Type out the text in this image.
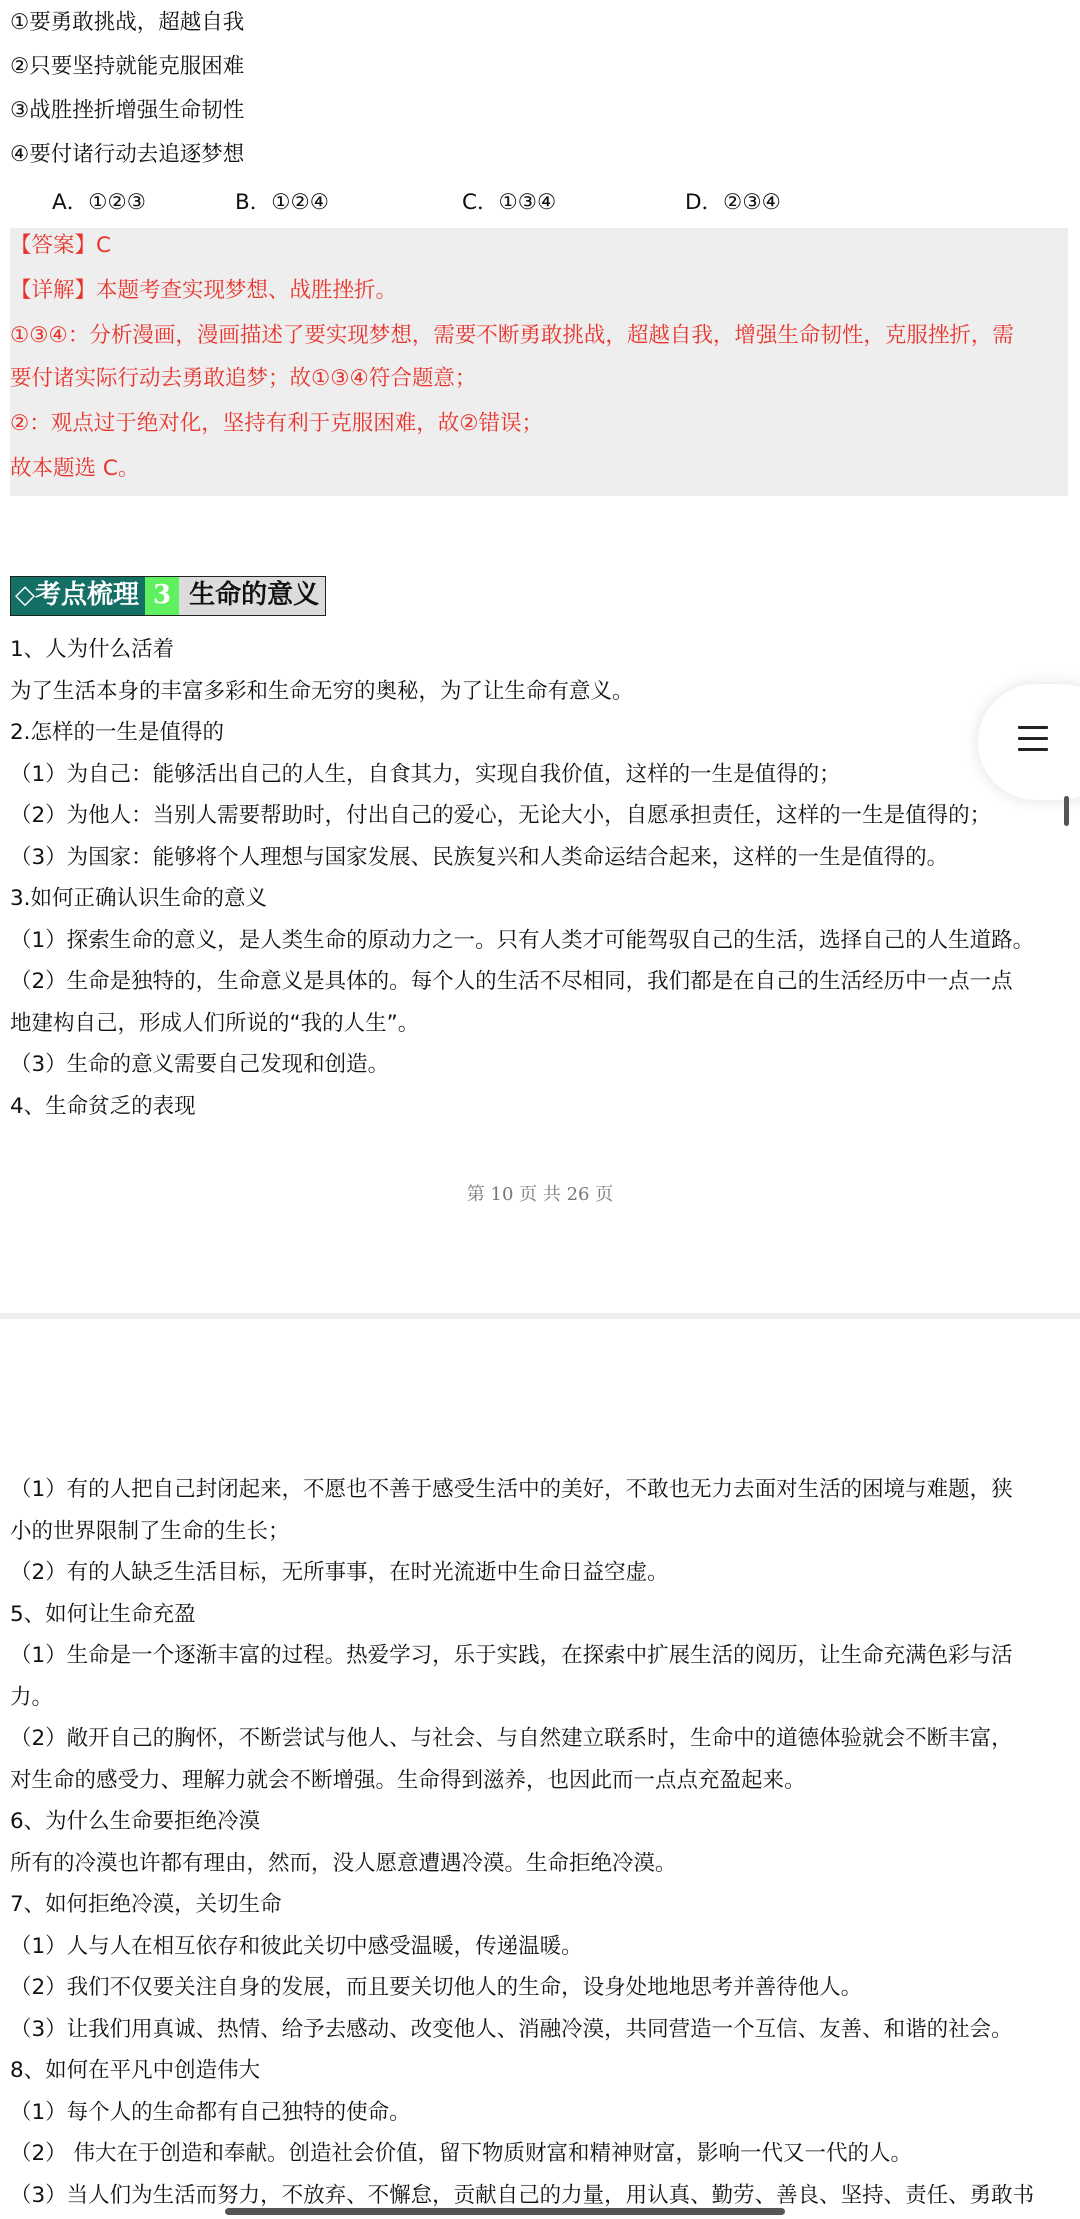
①要勇敢挑战，超越自我
②只要坚持就能克服困难
③战胜挫折增强生命韧性
④要付诸行动去追逐梦想
A．①②③	B．①②④	C．①③④	D．②③④
【答案】C
【详解】本题考查实现梦想、战胜挫折。
①③④：分析漫画，漫画描述了要实现梦想，需要不断勇敢挑战，超越自我，增强生命韧性，克服挫折，需
要付诸实际行动去勇敢追梦；故①③④符合题意；
②：观点过于绝对化，坚持有利于克服困难，故②错误；
故本题选 C。
◇考点梳理 3 生命的意义
1、人为什么活着
为了生活本身的丰富多彩和生命无穷的奥秘，为了让生命有意义。
2.怎样的一生是值得的
（1）为自己：能够活出自己的人生，自食其力，实现自我价值，这样的一生是值得的；
（2）为他人：当别人需要帮助时，付出自己的爱心，无论大小，自愿承担责任，这样的一生是值得的；
（3）为国家：能够将个人理想与国家发展、民族复兴和人类命运结合起来，这样的一生是值得的。
3.如何正确认识生命的意义
（1）探索生命的意义，是人类生命的原动力之一。只有人类才可能驾驭自己的生活，选择自己的人生道路。
（2）生命是独特的，生命意义是具体的。每个人的生活不尽相同，我们都是在自己的生活经历中一点一点
地建构自己，形成人们所说的“我的人生”。
（3）生命的意义需要自己发现和创造。
4、生命贫乏的表现
第 10 页 共 26 页
（1）有的人把自己封闭起来，不愿也不善于感受生活中的美好，不敢也无力去面对生活的困境与难题，狭
小的世界限制了生命的生长；
（2）有的人缺乏生活目标，无所事事，在时光流逝中生命日益空虚。
5、如何让生命充盈
（1）生命是一个逐渐丰富的过程。热爱学习，乐于实践，在探索中扩展生活的阅历，让生命充满色彩与活
力。
（2）敞开自己的胸怀，不断尝试与他人、与社会、与自然建立联系时，生命中的道德体验就会不断丰富，
对生命的感受力、理解力就会不断增强。生命得到滋养，也因此而一点点充盈起来。
6、为什么生命要拒绝冷漠
所有的冷漠也许都有理由，然而，没人愿意遭遇冷漠。生命拒绝冷漠。
7、如何拒绝冷漠，关切生命
（1）人与人在相互依存和彼此关切中感受温暖，传递温暖。
（2）我们不仅要关注自身的发展，而且要关切他人的生命，设身处地地思考并善待他人。
（3）让我们用真诚、热情、给予去感动、改变他人、消融冷漠，共同营造一个互信、友善、和谐的社会。
8、如何在平凡中创造伟大
（1）每个人的生命都有自己独特的使命。
（2） 伟大在于创造和奉献。创造社会价值，留下物质财富和精神财富，影响一代又一代的人。
（3）当人们为生活而努力，不放弃、不懈怠，贡献自己的力量，用认真、勤劳、善良、坚持、责任、勇敢书
